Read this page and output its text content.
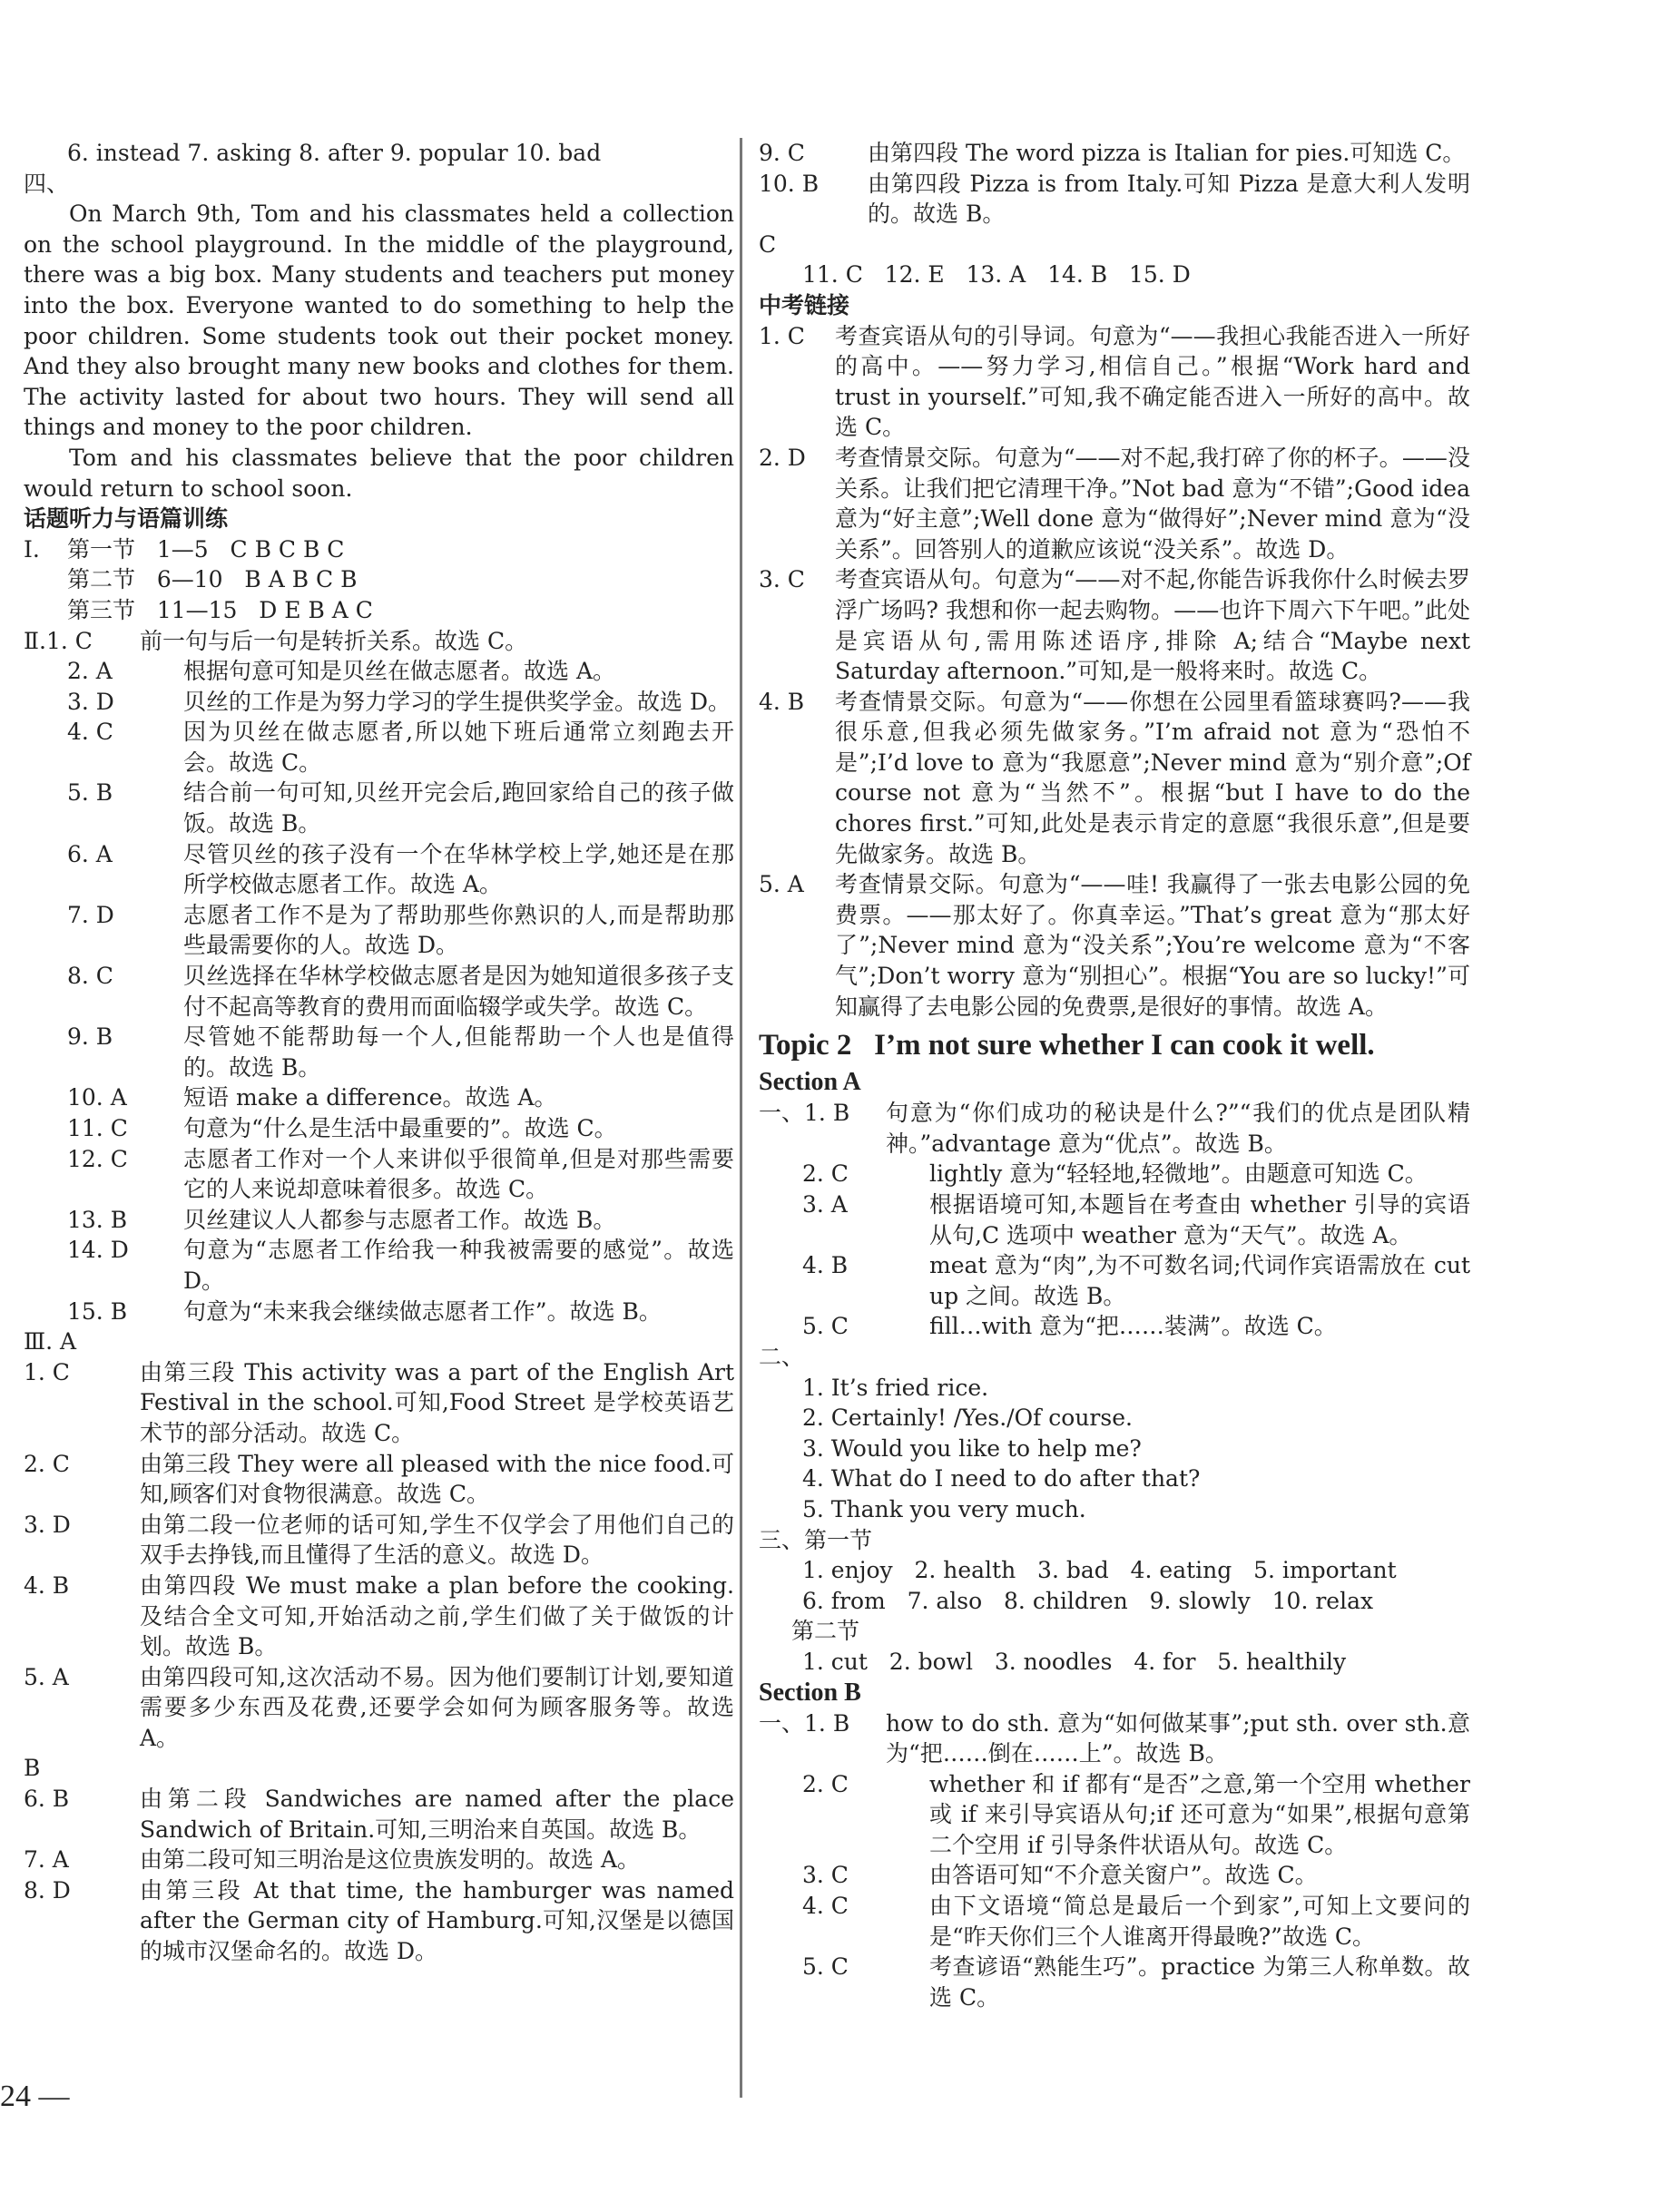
6. instead 7. asking 8. after 9. popular 10. bad
四、
On March 9th, Tom and his classmates held a collection on the school playground. In the middle of the playground, there was a big box. Many students and teachers put money into the box. Everyone wanted to do something to help the poor children. Some students took out their pocket money. And they also brought many new books and clothes for them. The activity lasted for about two hours. They will send all things and money to the poor children.
Tom and his classmates believe that the poor children would return to school soon.
话题听力与语篇训练
Ⅰ.	第一节   1—5   C B C B C
第二节   6—10   B A B C B
第三节   11—15   D E B A C
Ⅱ.1. C	前一句与后一句是转折关系。故选 C。
2. A	根据句意可知是贝丝在做志愿者。故选 A。
3. D	贝丝的工作是为努力学习的学生提供奖学金。故选 D。
4. C	因为贝丝在做志愿者,所以她下班后通常立刻跑去开会。故选 C。
5. B	结合前一句可知,贝丝开完会后,跑回家给自己的孩子做饭。故选 B。
6. A	尽管贝丝的孩子没有一个在华林学校上学,她还是在那所学校做志愿者工作。故选 A。
7. D	志愿者工作不是为了帮助那些你熟识的人,而是帮助那些最需要你的人。故选 D。
8. C	贝丝选择在华林学校做志愿者是因为她知道很多孩子支付不起高等教育的费用而面临辍学或失学。故选 C。
9. B	尽管她不能帮助每一个人,但能帮助一个人也是值得的。故选 B。
10. A	短语 make a difference。故选 A。
11. C	句意为“什么是生活中最重要的”。故选 C。
12. C	志愿者工作对一个人来讲似乎很简单,但是对那些需要它的人来说却意味着很多。故选 C。
13. B	贝丝建议人人都参与志愿者工作。故选 B。
14. D	句意为“志愿者工作给我一种我被需要的感觉”。故选 D。
15. B	句意为“未来我会继续做志愿者工作”。故选 B。
Ⅲ. A
1. C	由第三段 This activity was a part of the English Art Festival in the school.可知,Food Street 是学校英语艺术节的部分活动。故选 C。
2. C	由第三段 They were all pleased with the nice food.可知,顾客们对食物很满意。故选 C。
3. D	由第二段一位老师的话可知,学生不仅学会了用他们自己的双手去挣钱,而且懂得了生活的意义。故选 D。
4. B	由第四段 We must make a plan before the cooking.及结合全文可知,开始活动之前,学生们做了关于做饭的计划。故选 B。
5. A	由第四段可知,这次活动不易。因为他们要制订计划,要知道需要多少东西及花费,还要学会如何为顾客服务等。故选 A。
B
6. B	由第二段 Sandwiches are named after the place Sandwich of Britain.可知,三明治来自英国。故选 B。
7. A	由第二段可知三明治是这位贵族发明的。故选 A。
8. D	由第三段 At that time, the hamburger was named after the German city of Hamburg.可知,汉堡是以德国的城市汉堡命名的。故选 D。
9. C	由第四段 The word pizza is Italian for pies.可知选 C。
10. B	由第四段 Pizza is from Italy.可知 Pizza 是意大利人发明的。故选 B。
C
11. C   12. E   13. A   14. B   15. D
中考链接
1. C	考查宾语从句的引导词。句意为“——我担心我能否进入一所好的高中。——努力学习,相信自己。”根据“Work hard and trust in yourself.”可知,我不确定能否进入一所好的高中。故选 C。
2. D	考查情景交际。句意为“——对不起,我打碎了你的杯子。——没关系。让我们把它清理干净。”Not bad 意为“不错”;Good idea 意为“好主意”;Well done 意为“做得好”;Never mind 意为“没关系”。回答别人的道歉应该说“没关系”。故选 D。
3. C	考查宾语从句。句意为“——对不起,你能告诉我你什么时候去罗浮广场吗? 我想和你一起去购物。——也许下周六下午吧。”此处是宾语从句,需用陈述语序,排除 A;结合“Maybe next Saturday afternoon.”可知,是一般将来时。故选 C。
4. B	考查情景交际。句意为“——你想在公园里看篮球赛吗?——我很乐意,但我必须先做家务。”I’m afraid not 意为“恐怕不是”;I’d love to 意为“我愿意”;Never mind 意为“别介意”;Of course not 意为“当然不”。根据“but I have to do the chores first.”可知,此处是表示肯定的意愿“我很乐意”,但是要先做家务。故选 B。
5. A	考查情景交际。句意为“——哇! 我赢得了一张去电影公园的免费票。——那太好了。你真幸运。”That’s great 意为“那太好了”;Never mind 意为“没关系”;You’re welcome 意为“不客气”;Don’t worry 意为“别担心”。根据“You are so lucky!”可知赢得了去电影公园的免费票,是很好的事情。故选 A。
Topic 2 I’m not sure whether I can cook it well.
Section A
一、1. B	句意为“你们成功的秘诀是什么?”“我们的优点是团队精神。”advantage 意为“优点”。故选 B。
2. C	lightly 意为“轻轻地,轻微地”。由题意可知选 C。
3. A	根据语境可知,本题旨在考查由 whether 引导的宾语从句,C 选项中 weather 意为“天气”。故选 A。
4. B	meat 意为“肉”,为不可数名词;代词作宾语需放在 cut up 之间。故选 B。
5. C	fill…with 意为“把……装满”。故选 C。
二、
1. It’s fried rice.
2. Certainly! /Yes./Of course.
3. Would you like to help me?
4. What do I need to do after that?
5. Thank you very much.
三、第一节
1. enjoy   2. health   3. bad   4. eating   5. important
6. from   7. also   8. children   9. slowly   10. relax
第二节
1. cut   2. bowl   3. noodles   4. for   5. healthily
Section B
一、1. B	how to do sth. 意为“如何做某事”;put sth. over sth.意为“把……倒在……上”。故选 B。
2. C	whether 和 if 都有“是否”之意,第一个空用 whether 或 if 来引导宾语从句;if 还可意为“如果”,根据句意第二个空用 if 引导条件状语从句。故选 C。
3. C	由答语可知“不介意关窗户”。故选 C。
4. C	由下文语境“简总是最后一个到家”,可知上文要问的是“昨天你们三个人谁离开得最晚?”故选 C。
5. C	考查谚语“熟能生巧”。practice 为第三人称单数。故选 C。
24 —
